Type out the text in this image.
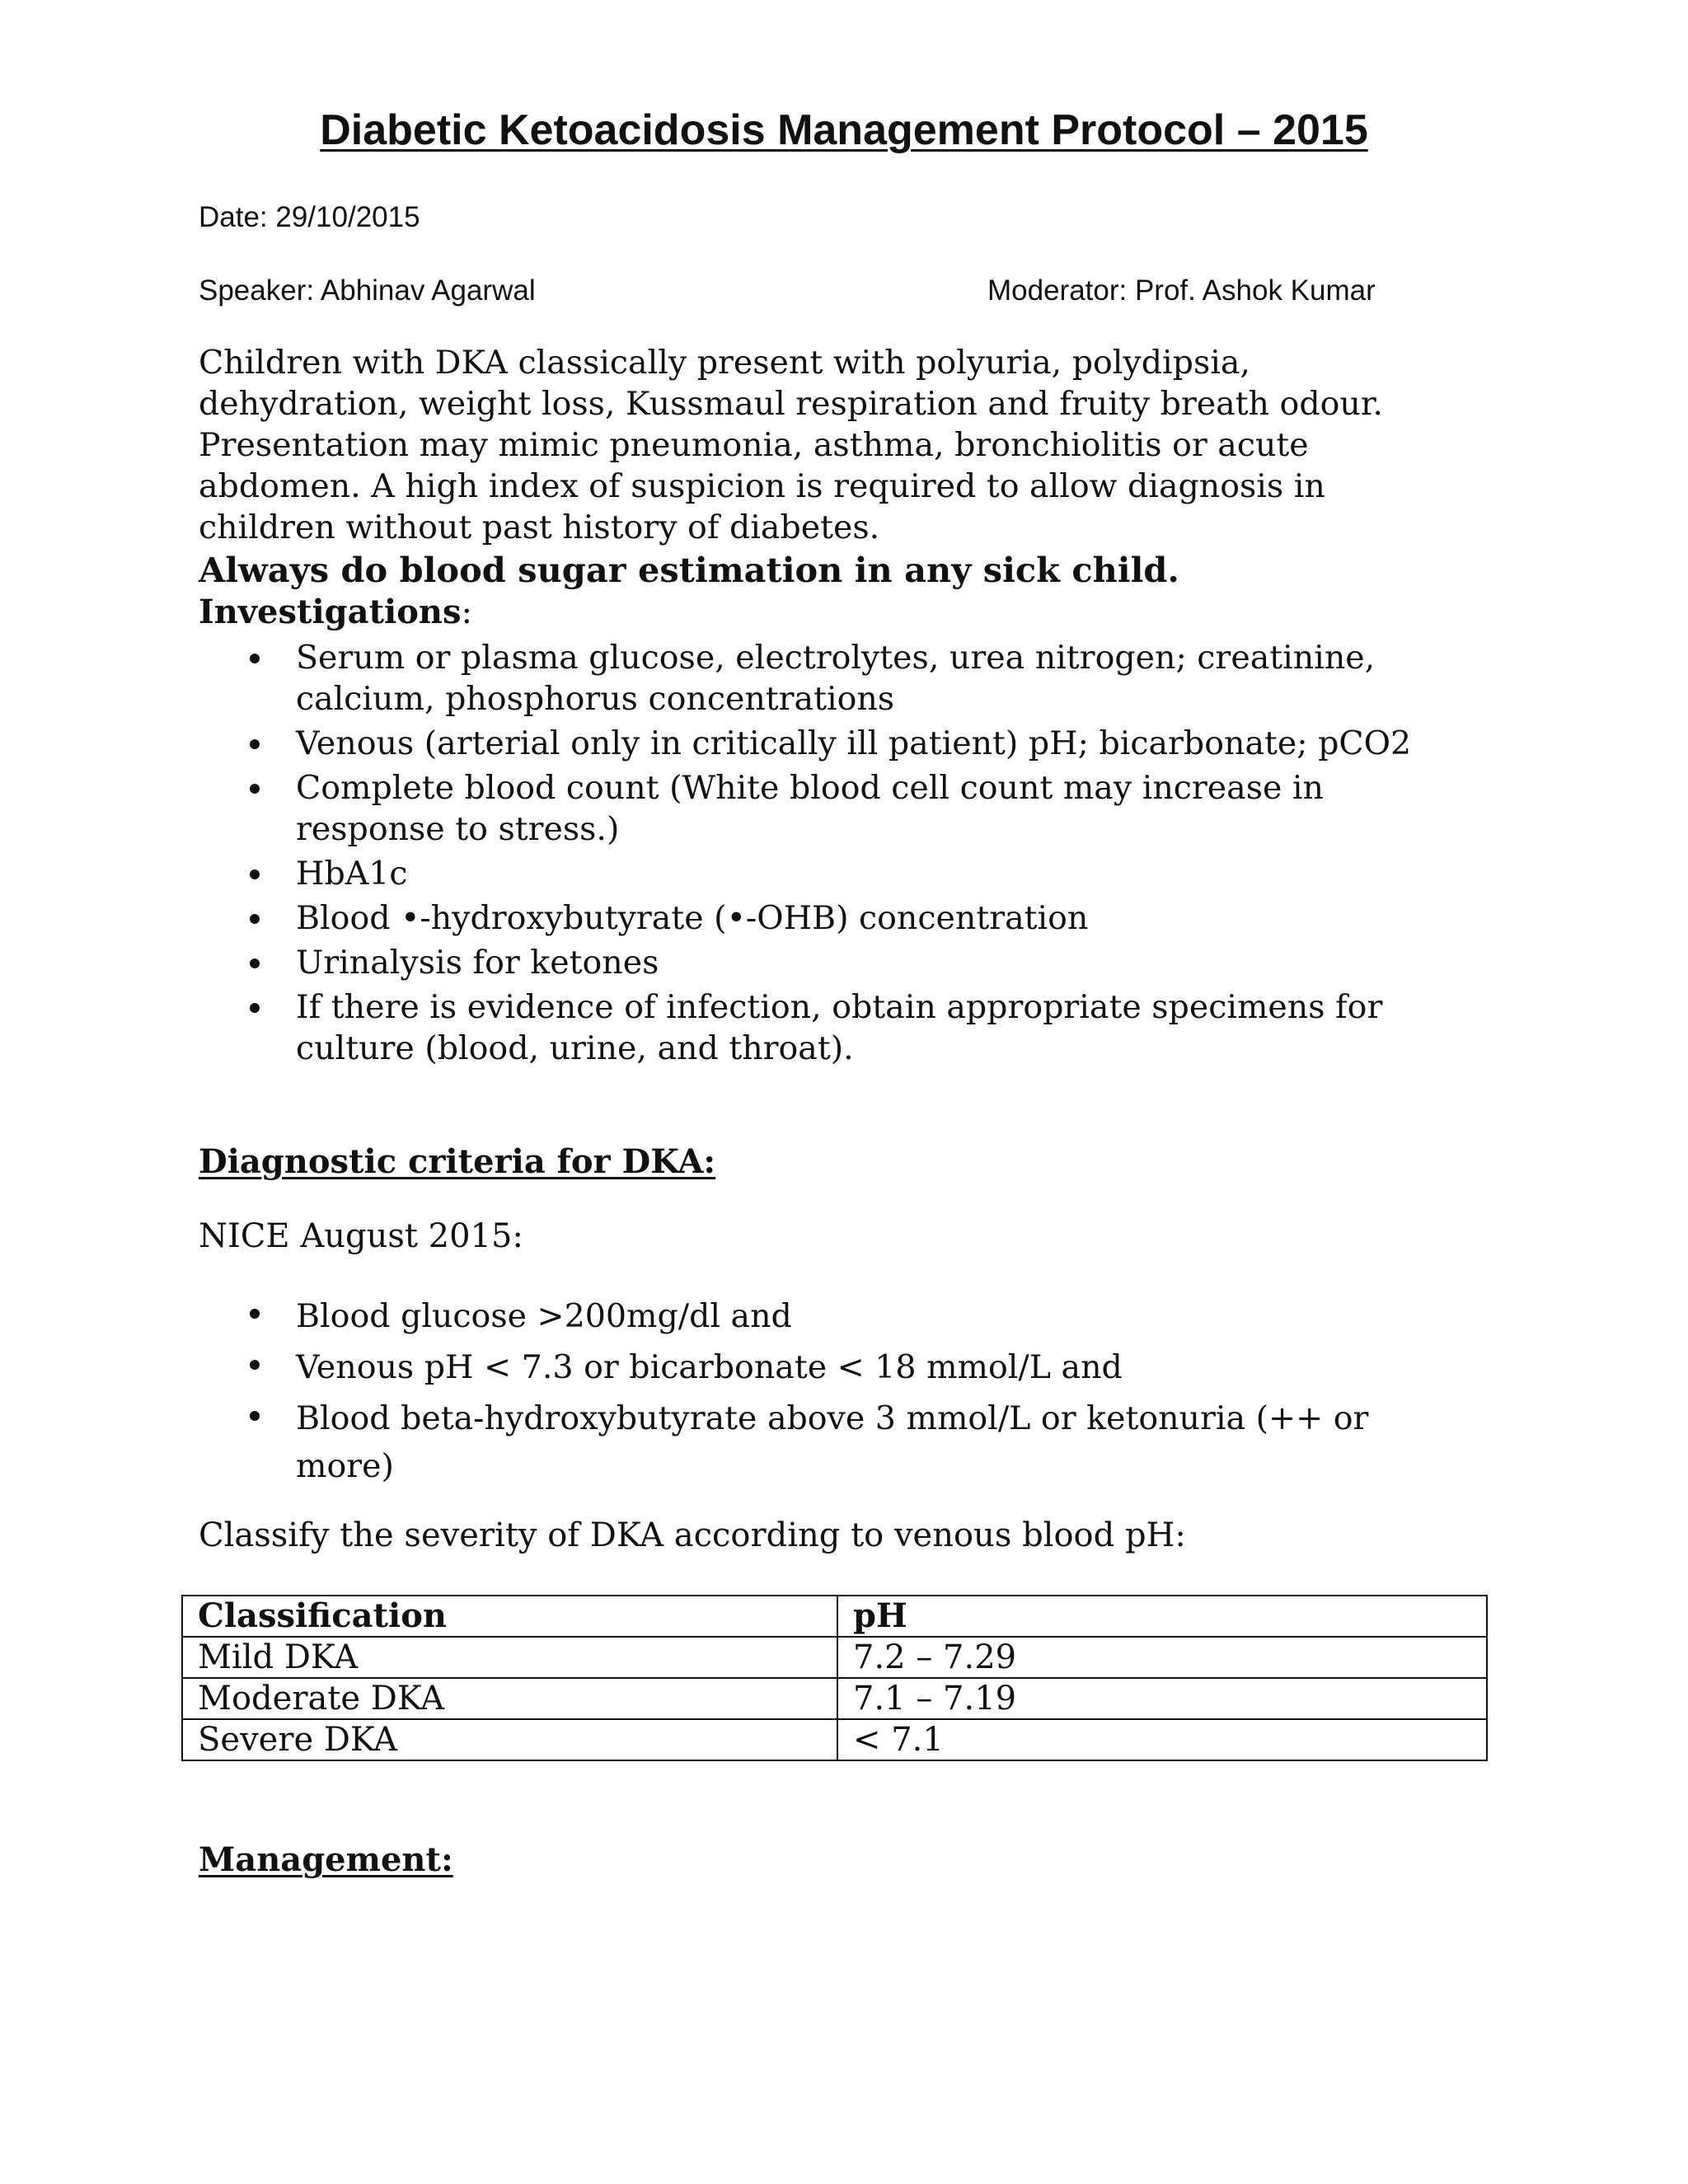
Diabetic Ketoacidosis Management Protocol – 2015
Date: 29/10/2015
Speaker: Abhinav Agarwal	Moderator: Prof. Ashok Kumar

Children with DKA classically present with polyuria, polydipsia,

dehydration, weight loss, Kussmaul respiration and fruity breath odour.

Presentation may mimic pneumonia, asthma, bronchiolitis or acute

abdomen. A high index of suspicion is required to allow diagnosis in

children without past history of diabetes.

Always do blood sugar estimation in any sick child.
Investigations:
Serum or plasma glucose, electrolytes, urea nitrogen; creatinine,
calcium, phosphorus concentrations
Venous (arterial only in critically ill patient) pH; bicarbonate; pCO2
Complete blood count (White blood cell count may increase in
response to stress.)
HbA1c
Blood •-hydroxybutyrate (•-OHB) concentration
Urinalysis for ketones
If there is evidence of infection, obtain appropriate specimens for
culture (blood, urine, and throat).
Diagnostic criteria for DKA:
NICE August 2015:
Blood glucose >200mg/dl and
Venous pH < 7.3 or bicarbonate < 18 mmol/L and
Blood beta-hydroxybutyrate above 3 mmol/L or ketonuria (++ or
more)
Classify the severity of DKA according to venous blood pH:
Classification	pH
Mild DKA	7.2 – 7.29
Moderate DKA	7.1 – 7.19
Severe DKA	< 7.1
Management:
